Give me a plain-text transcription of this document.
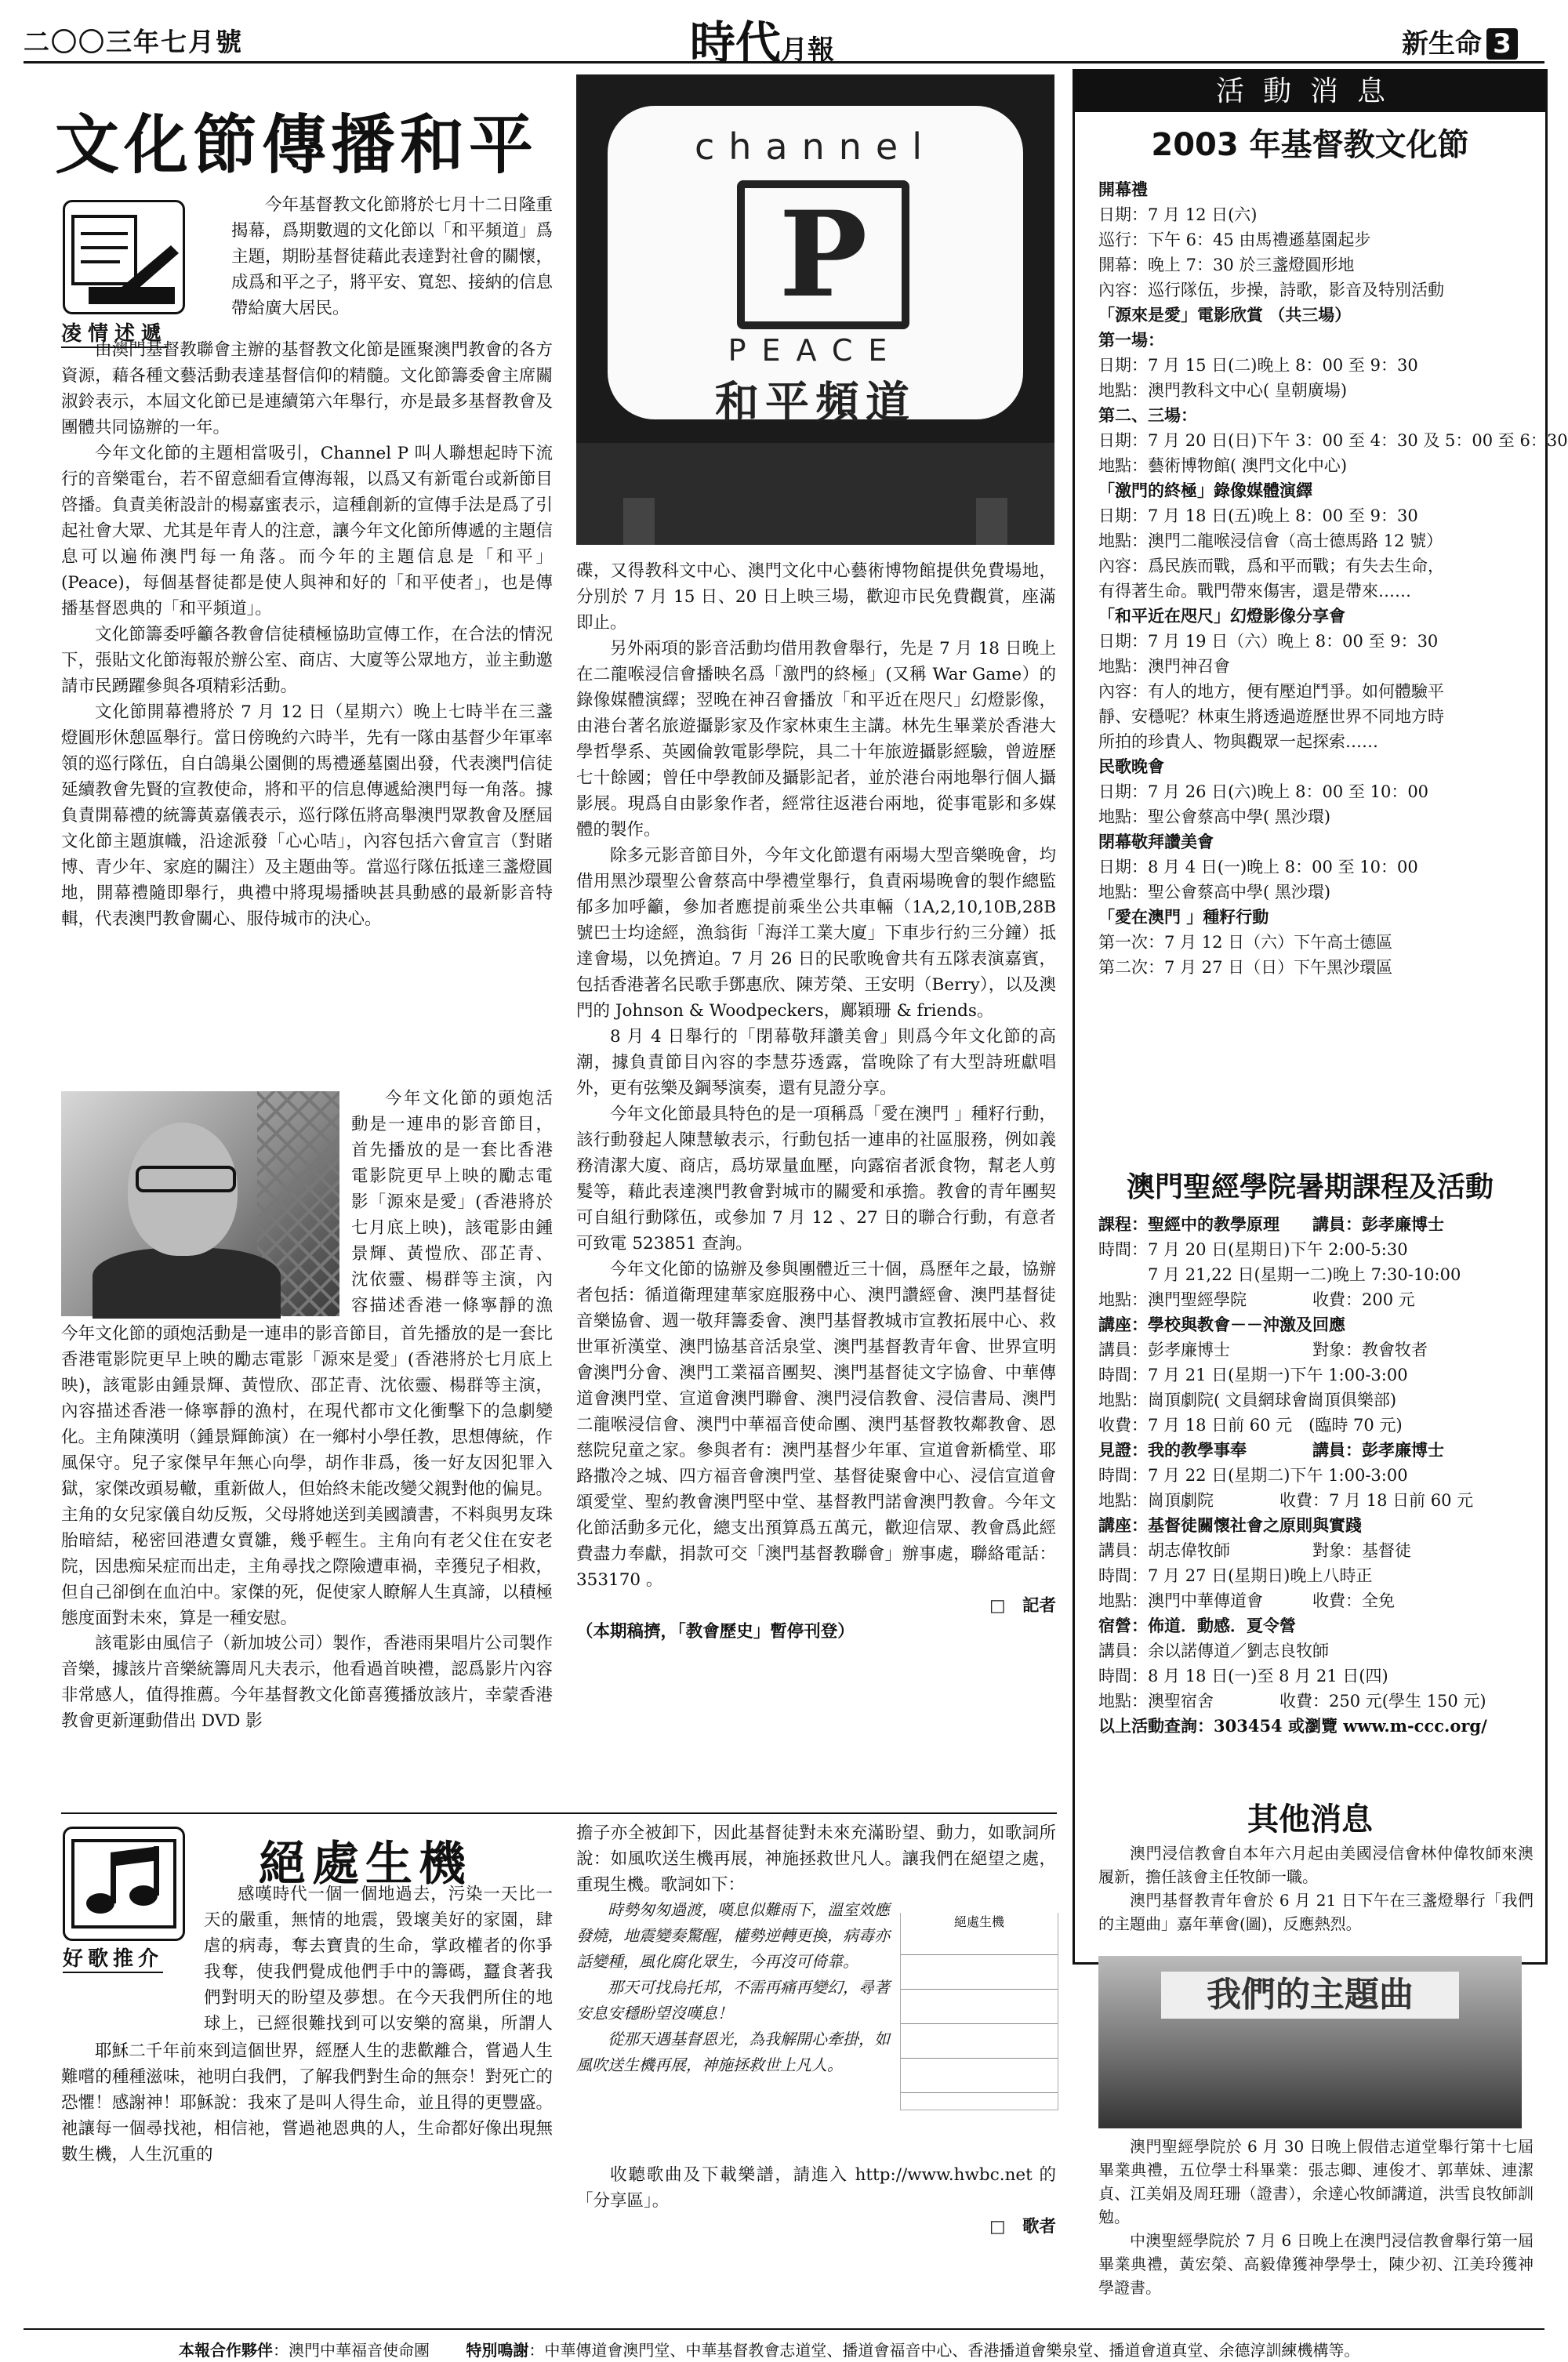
二〇〇三年七月號	時代月報	新生命 3
文化節傳播和平
凌情述遞
channel
P
PEACE
和平頻道

今年基督教文化節將於七月十二日隆重揭幕，爲期數週的文化節以「和平頻道」爲主題，期盼基督徒藉此表達對社會的關懷，成爲和平之子，將平安、寬恕、接納的信息帶給廣大居民。

由澳門基督教聯會主辦的基督教文化節是匯聚澳門教會的各方資源，藉各種文藝活動表達基督信仰的精髓。文化節籌委會主席關淑鈴表示，本屆文化節已是連續第六年舉行，亦是最多基督教會及團體共同協辦的一年。

今年文化節的主題相當吸引，Channel P 叫人聯想起時下流行的音樂電台，若不留意細看宣傳海報，以爲又有新電台或新節目啓播。負責美術設計的楊嘉蜜表示，這種創新的宣傳手法是爲了引起社會大眾、尤其是年青人的注意，讓今年文化節所傳遞的主題信息可以遍佈澳門每一角落。而今年的主題信息是「和平」(Peace)，每個基督徒都是使人與神和好的「和平使者」，也是傳播基督恩典的「和平頻道」。

文化節籌委呼籲各教會信徒積極協助宣傳工作，在合法的情況下，張貼文化節海報於辦公室、商店、大廈等公眾地方，並主動邀請市民踴躍參與各項精彩活動。

文化節開幕禮將於 7 月 12 日（星期六）晚上七時半在三盞燈圓形休憩區舉行。當日傍晚約六時半，先有一隊由基督少年軍率領的巡行隊伍，自白鴿巢公園側的馬禮遜墓園出發，代表澳門信徒延續教會先賢的宣教使命，將和平的信息傳遞給澳門每一角落。據負責開幕禮的統籌黃嘉儀表示，巡行隊伍將高舉澳門眾教會及歷屆文化節主題旗幟，沿途派發「心心咭」，內容包括六會宣言（對賭博、青少年、家庭的關注）及主題曲等。當巡行隊伍抵達三盞燈圓地，開幕禮隨即舉行，典禮中將現場播映甚具動感的最新影音特輯，代表澳門教會關心、服侍城市的決心。

今年文化節的頭炮活動是一連串的影音節目，首先播放的是一套比香港電影院更早上映的勵志電影「源來是愛」(香港將於七月底上映)，該電影由鍾景輝、黃愷欣、邵芷青、沈依靈、楊群等主演，內容描述香港一條寧靜的漁

今年文化節的頭炮活動是一連串的影音節目，首先播放的是一套比香港電影院更早上映的勵志電影「源來是愛」(香港將於七月底上映)，該電影由鍾景輝、黃愷欣、邵芷青、沈依靈、楊群等主演，內容描述香港一條寧靜的漁村，在現代都市文化衝擊下的急劇變化。主角陳漢明（鍾景輝飾演）在一鄉村小學任教，思想傳統，作風保守。兒子家傑早年無心向學，胡作非爲，後一好友因犯罪入獄，家傑改頭易轍，重新做人，但始終未能改變父親對他的偏見。主角的女兒家儀自幼反叛，父母將她送到美國讀書，不料與男友珠胎暗結，秘密回港遭女賣雛，幾乎輕生。主角向有老父住在安老院，因患痴呆症而出走，主角尋找之際險遭車禍，幸獲兒子相救，但自己卻倒在血泊中。家傑的死，促使家人瞭解人生真諦，以積極態度面對未來，算是一種安慰。

該電影由風信子（新加坡公司）製作，香港雨果唱片公司製作音樂，據該片音樂統籌周凡夫表示，他看過首映禮，認爲影片內容非常感人，值得推薦。今年基督教文化節喜獲播放該片，幸蒙香港教會更新運動借出 DVD 影

碟，又得教科文中心、澳門文化中心藝術博物館提供免費場地，分別於 7 月 15 日、20 日上映三場，歡迎市民免費觀賞，座滿即止。

另外兩項的影音活動均借用教會舉行，先是 7 月 18 日晚上在二龍喉浸信會播映名爲「激門的終極」(又稱 War Game）的錄像媒體演繹；翌晚在神召會播放「和平近在咫尺」幻燈影像，由港台著名旅遊攝影家及作家林東生主講。林先生畢業於香港大學哲學系、英國倫敦電影學院，具二十年旅遊攝影經驗，曾遊歷七十餘國；曾任中學教師及攝影記者，並於港台兩地舉行個人攝影展。現爲自由影象作者，經常往返港台兩地，從事電影和多媒體的製作。

除多元影音節目外，今年文化節還有兩場大型音樂晚會，均借用黑沙環聖公會蔡高中學禮堂舉行，負責兩場晚會的製作總監郁多加呼籲，參加者應提前乘坐公共車輛（1A,2,10,10B,28B 號巴士均途經，漁翁街「海洋工業大廈」下車步行約三分鐘）抵達會場，以免擠迫。7 月 26 日的民歌晚會共有五隊表演嘉賓，包括香港著名民歌手鄧惠欣、陳芳榮、王安明（Berry），以及澳門的 Johnson & Woodpeckers，鄺穎珊 & friends。

8 月 4 日舉行的「閉幕敬拜讚美會」則爲今年文化節的高潮，據負責節目內容的李慧芬透露，當晚除了有大型詩班獻唱外，更有弦樂及鋼琴演奏，還有見證分享。

今年文化節最具特色的是一項稱爲「愛在澳門 」種籽行動，該行動發起人陳慧敏表示，行動包括一連串的社區服務，例如義務清潔大廈、商店，爲坊眾量血壓，向露宿者派食物，幫老人剪髮等，藉此表達澳門教會對城市的關愛和承擔。教會的青年團契可自組行動隊伍，或參加 7 月 12 、27 日的聯合行動，有意者可致電 523851 查詢。

今年文化節的協辦及參與團體近三十個，爲歷年之最，協辦者包括：循道衛理建華家庭服務中心、澳門讚經會、澳門基督徒音樂協會、週一敬拜籌委會、澳門基督教城市宣教拓展中心、救世軍祈漢堂、澳門協基音活泉堂、澳門基督教青年會、世界宣明會澳門分會、澳門工業福音團契、澳門基督徒文字協會、中華傳道會澳門堂、宣道會澳門聯會、澳門浸信教會、浸信書局、澳門二龍喉浸信會、澳門中華福音使命團、澳門基督教牧鄰教會、恩慈院兒童之家。參與者有：澳門基督少年軍、宣道會新橋堂、耶路撒冷之城、四方福音會澳門堂、基督徒聚會中心、浸信宣道會頌愛堂、聖約教會澳門堅中堂、基督教門諾會澳門教會。今年文化節活動多元化，總支出預算爲五萬元，歡迎信眾、教會爲此經費盡力奉獻，捐款可交「澳門基督教聯會」辦事處，聯絡電話：353170 。

□　記者

（本期稿擠，「教會歷史」暫停刊登）

活動消息
2003 年基督教文化節

開幕禮

日期：7 月 12 日(六)

巡行：下午 6：45 由馬禮遜墓園起步

開幕：晚上 7：30 於三盞燈圓形地

內容：巡行隊伍，步操，詩歌，影音及特別活動

「源來是愛」電影欣賞 （共三場）

第一場：

日期：7 月 15 日(二)晚上 8：00 至 9：30

地點：澳門教科文中心( 皇朝廣場)

第二、三場：

日期：7 月 20 日(日)下午 3：00 至 4：30 及 5：00 至 6：30

地點：藝術博物館( 澳門文化中心)

「激門的終極」錄像媒體演繹

日期：7 月 18 日(五)晚上 8：00 至 9：30

地點：澳門二龍喉浸信會（高士德馬路 12 號）

內容：爲民族而戰，爲和平而戰；有失去生命，

有得著生命。戰門帶來傷害，還是帶來……

「和平近在咫尺」幻燈影像分享會

日期：7 月 19 日（六）晚上 8：00 至 9：30

地點：澳門神召會

內容：有人的地方，便有壓迫鬥爭。如何體驗平

靜、安穩呢？林東生將透過遊歷世界不同地方時

所拍的珍貴人、物與觀眾一起探索……

民歌晚會

日期：7 月 26 日(六)晚上 8：00 至 10：00

地點：聖公會蔡高中學( 黑沙環)

閉幕敬拜讚美會

日期：8 月 4 日(一)晚上 8：00 至 10：00

地點：聖公會蔡高中學( 黑沙環)

「愛在澳門 」種籽行動

第一次：7 月 12 日（六）下午高士德區

第二次：7 月 27 日（日）下午黑沙環區

澳門聖經學院暑期課程及活動

課程：聖經中的教學原理　　講員：彭孝廉博士

時間：7 月 20 日(星期日)下午 2:00-5:30

　　　7 月 21,22 日(星期一二)晚上 7:30-10:00

地點：澳門聖經學院　　　　收費：200 元

講座：學校與教會－－沖激及回應

講員：彭孝廉博士　　　　　對象：教會牧者

時間：7 月 21 日(星期一)下午 1:00-3:00

地點：崗頂劇院( 文員網球會崗頂俱樂部)

收費：7 月 18 日前 60 元　(臨時 70 元)

見證：我的教學事奉　　　　講員：彭孝廉博士

時間：7 月 22 日(星期二)下午 1:00-3:00

地點：崗頂劇院　　　　收費：7 月 18 日前 60 元

講座：基督徒關懷社會之原則與實踐

講員：胡志偉牧師　　　　　對象：基督徒

時間：7 月 27 日(星期日)晚上八時正

地點：澳門中華傳道會　　　收費：全免

宿營：佈道．動感．夏令營

講員：余以諾傳道／劉志良牧師

時間：8 月 18 日(一)至 8 月 21 日(四)

地點：澳聖宿舍　　　　收費：250 元(學生 150 元)

以上活動查詢：303454 或瀏覽 www.m-ccc.org/

其他消息

澳門浸信教會自本年六月起由美國浸信會林仲偉牧師來澳履新，擔任該會主任牧師一職。

澳門基督教青年會於 6 月 21 日下午在三盞燈舉行「我們的主題曲」嘉年華會(圖)，反應熱烈。

我們的主題曲

澳門聖經學院於 6 月 30 日晚上假借志道堂舉行第十七屆畢業典禮，五位學士科畢業：張志卿、連俊才、郭華妹、連潔貞、江美娟及周玨珊（證書），余達心牧師講道，洪雪良牧師訓勉。

中澳聖經學院於 7 月 6 日晚上在澳門浸信教會舉行第一屆畢業典禮，黃宏榮、高毅偉獲神學學士，陳少初、江美玲獲神學證書。

好歌推介
絕處生機

感嘆時代一個一個地過去，污染一天比一天的嚴重，無情的地震，毀壞美好的家園，肆虐的病毒，奪去寶貴的生命，掌政權者的你爭我奪，使我們覺成他們手中的籌碼，蠶食著我們對明天的盼望及夢想。在今天我們所住的地球上，已經很難找到可以安樂的窩巢，所謂人

耶穌二千年前來到這個世界，經歷人生的悲歡離合，嘗過人生難嚐的種種滋味，祂明白我們，了解我們對生命的無奈！對死亡的恐懼！感謝神！耶穌說：我來了是叫人得生命，並且得的更豐盛。祂讓每一個尋找祂，相信祂，嘗過祂恩典的人，生命都好像出現無數生機，人生沉重的

擔子亦全被卸下，因此基督徒對未來充滿盼望、動力，如歌詞所說：如風吹送生機再展，神施拯救世凡人。讓我們在絕望之處，重現生機。歌詞如下：

時勢匆匆過渡，嘆息似難雨下，溫室效應發燒，地震變奏驚醒，權勢逆轉更換，病毒亦話變種，風化腐化眾生，今再沒可倚靠。

那天可找烏托邦，不需再痛再變幻，尋著安息安穩盼望沒嘆息！

從那天遇基督恩光，為我解開心牽掛，如風吹送生機再展，神施拯救世上凡人。

絕處生機

收聽歌曲及下載樂譜，請進入 http://www.hwbc.net 的「分享區」。

□　歌者

本報合作夥伴：澳門中華福音使命團 　　 特別鳴謝：中華傳道會澳門堂、中華基督教會志道堂、播道會福音中心、香港播道會樂泉堂、播道會道真堂、余德淳訓練機構等。
